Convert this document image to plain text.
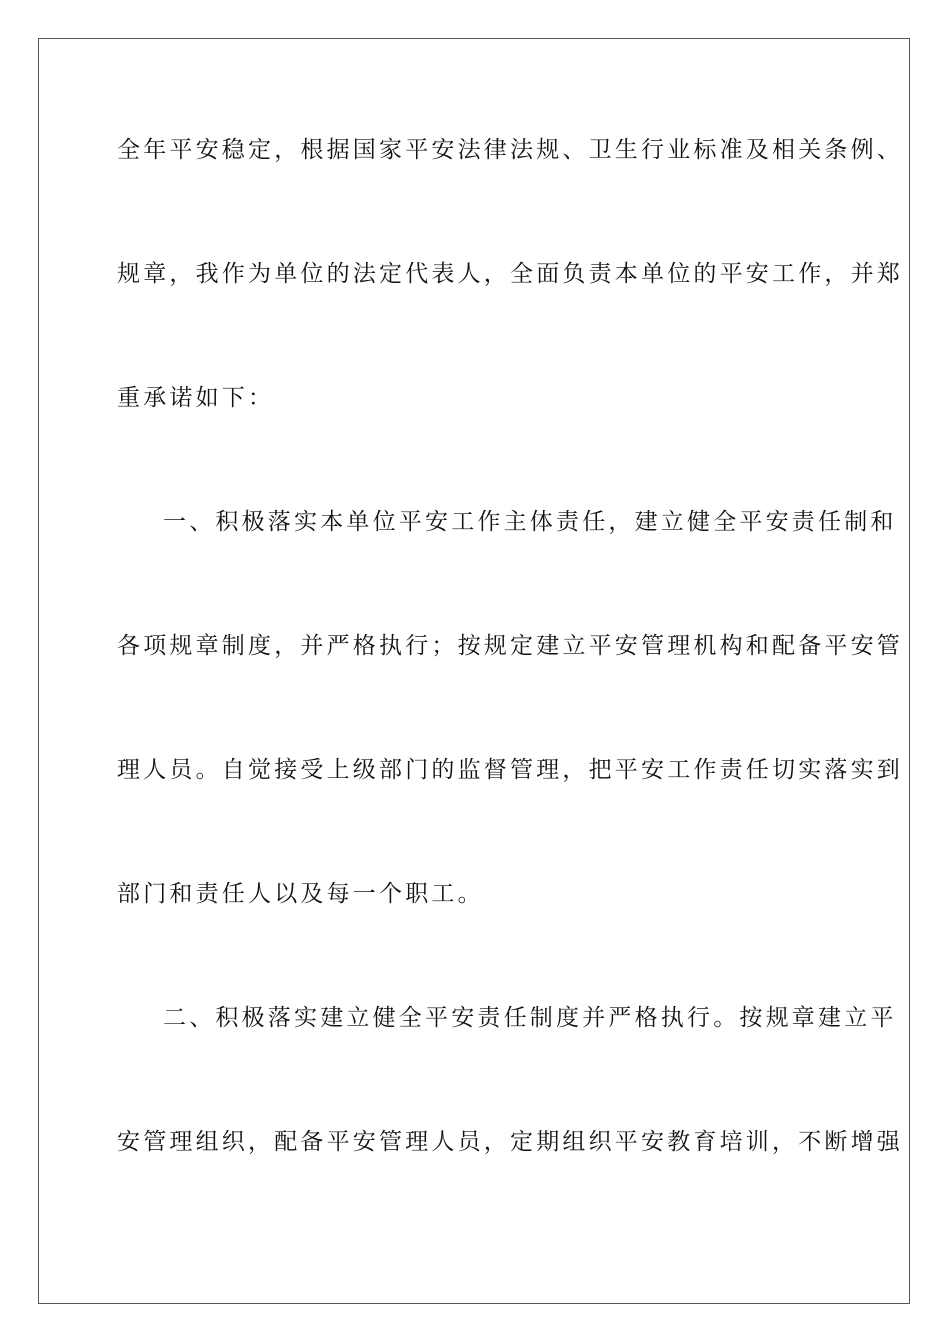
全年平安稳定，根据国家平安法律法规、卫生行业标准及相关条例、
规章，我作为单位的法定代表人，全面负责本单位的平安工作，并郑
重承诺如下：
一、积极落实本单位平安工作主体责任，建立健全平安责任制和
各项规章制度，并严格执行；按规定建立平安管理机构和配备平安管
理人员。自觉接受上级部门的监督管理，把平安工作责任切实落实到
部门和责任人以及每一个职工。
二、积极落实建立健全平安责任制度并严格执行。按规章建立平
安管理组织，配备平安管理人员，定期组织平安教育培训，不断增强
